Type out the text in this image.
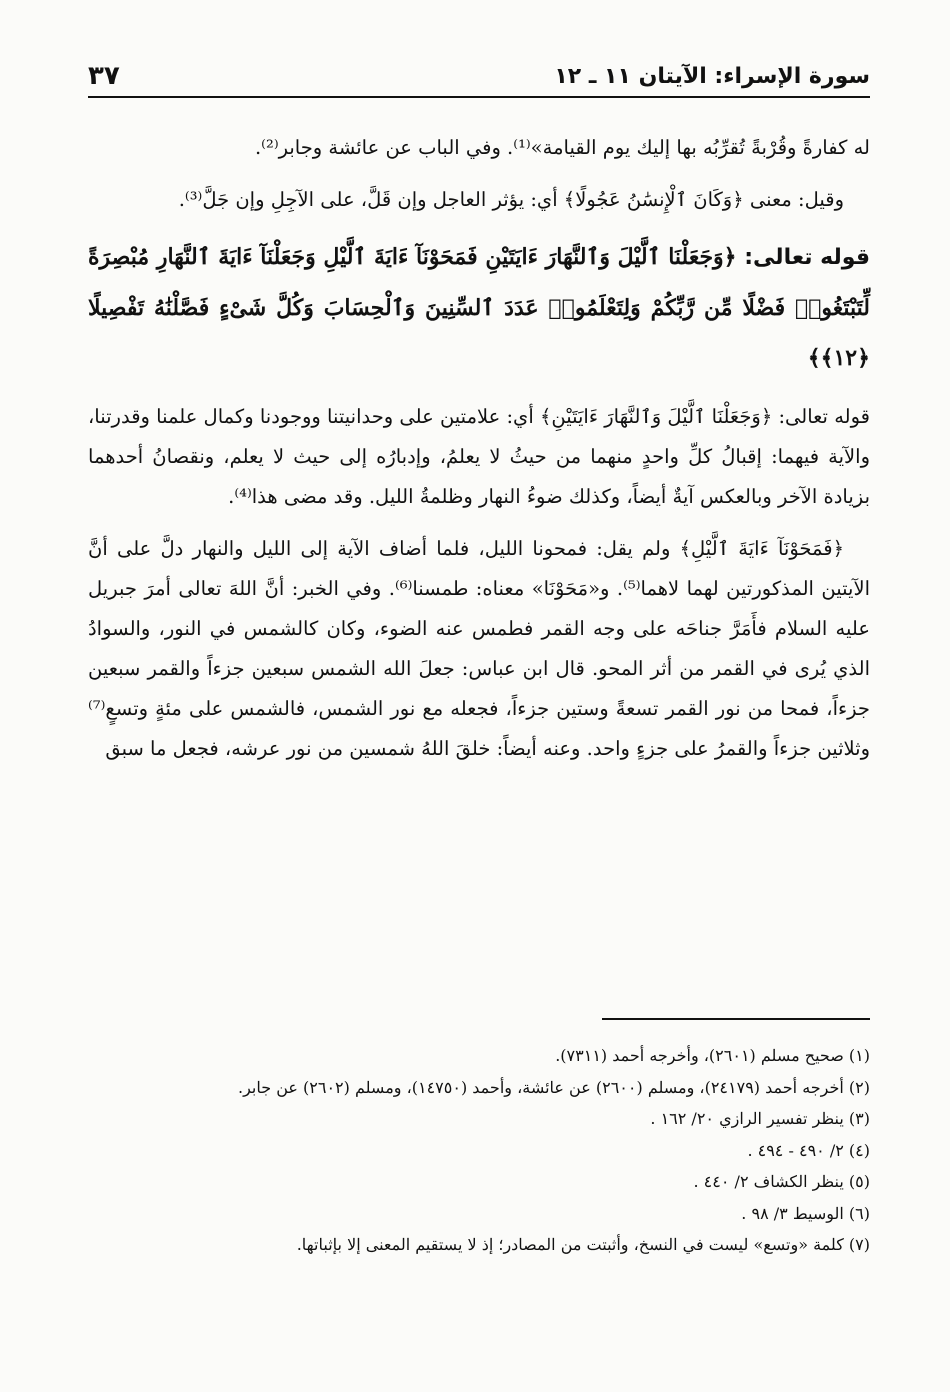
٣٧	سورة الإسراء: الآيتان ١١ ـ ١٢

له كفارةً وقُرْبةً تُقرِّبُه بها إليك يوم القيامة»⁽¹⁾. وفي الباب عن عائشة وجابر⁽²⁾.

وقيل: معنى ﴿وَكَانَ ٱلْإِنسَٰنُ عَجُولًا﴾ أي: يؤثر العاجل وإن قَلَّ، على الآجِلِ وإن جَلَّ⁽³⁾.

قوله تعالى: ﴿وَجَعَلْنَا ٱلَّيْلَ وَٱلنَّهَارَ ءَايَتَيْنِ فَمَحَوْنَآ ءَايَةَ ٱلَّيْلِ وَجَعَلْنَآ ءَايَةَ ٱلنَّهَارِ مُبْصِرَةً لِّتَبْتَغُوا۟ فَضْلًا مِّن رَّبِّكُمْ وَلِتَعْلَمُوا۟ عَدَدَ ٱلسِّنِينَ وَٱلْحِسَابَ وَكُلَّ شَىْءٍ فَصَّلْنَٰهُ تَفْصِيلًا ﴿١٢﴾﴾

قوله تعالى: ﴿وَجَعَلْنَا ٱلَّيْلَ وَٱلنَّهَارَ ءَايَتَيْنِ﴾ أي: علامتين على وحدانيتنا ووجودنا وكمال علمنا وقدرتنا، والآية فيهما: إقبالُ كلِّ واحدٍ منهما من حيثُ لا يعلمُ، وإدبارُه إلى حيث لا يعلم، ونقصانُ أحدهما بزيادة الآخر وبالعكس آيةٌ أيضاً، وكذلك ضوءُ النهار وظلمةُ الليل. وقد مضى هذا⁽⁴⁾.

﴿فَمَحَوْنَآ ءَايَةَ ٱلَّيْلِ﴾ ولم يقل: فمحونا الليل، فلما أضاف الآية إلى الليل والنهار دلَّ على أنَّ الآيتين المذكورتين لهما لاهما⁽⁵⁾. و«مَحَوْنَا» معناه: طمسنا⁽⁶⁾. وفي الخبر: أنَّ اللهَ تعالى أمرَ جبريل عليه السلام فأَمَرَّ جناحَه على وجه القمر فطمس عنه الضوء، وكان كالشمس في النور، والسوادُ الذي يُرى في القمر من أثر المحو. قال ابن عباس: جعلَ الله الشمس سبعين جزءاً والقمر سبعين جزءاً، فمحا من نور القمر تسعةً وستين جزءاً، فجعله مع نور الشمس، فالشمس على مئةٍ وتسعٍ⁽⁷⁾ وثلاثين جزءاً والقمرُ على جزءٍ واحد. وعنه أيضاً: خلقَ اللهُ شمسين من نور عرشه، فجعل ما سبق

(١) صحيح مسلم (٢٦٠١)، وأخرجه أحمد (٧٣١١).
(٢) أخرجه أحمد (٢٤١٧٩)، ومسلم (٢٦٠٠) عن عائشة، وأحمد (١٤٧٥٠)، ومسلم (٢٦٠٢) عن جابر.
(٣) ينظر تفسير الرازي ٢٠/ ١٦٢ .
(٤) ٢/ ٤٩٠ - ٤٩٤ .
(٥) ينظر الكشاف ٢/ ٤٤٠ .
(٦) الوسيط ٣/ ٩٨ .
(٧) كلمة «وتسع» ليست في النسخ، وأثبتت من المصادر؛ إذ لا يستقيم المعنى إلا بإثباتها.
